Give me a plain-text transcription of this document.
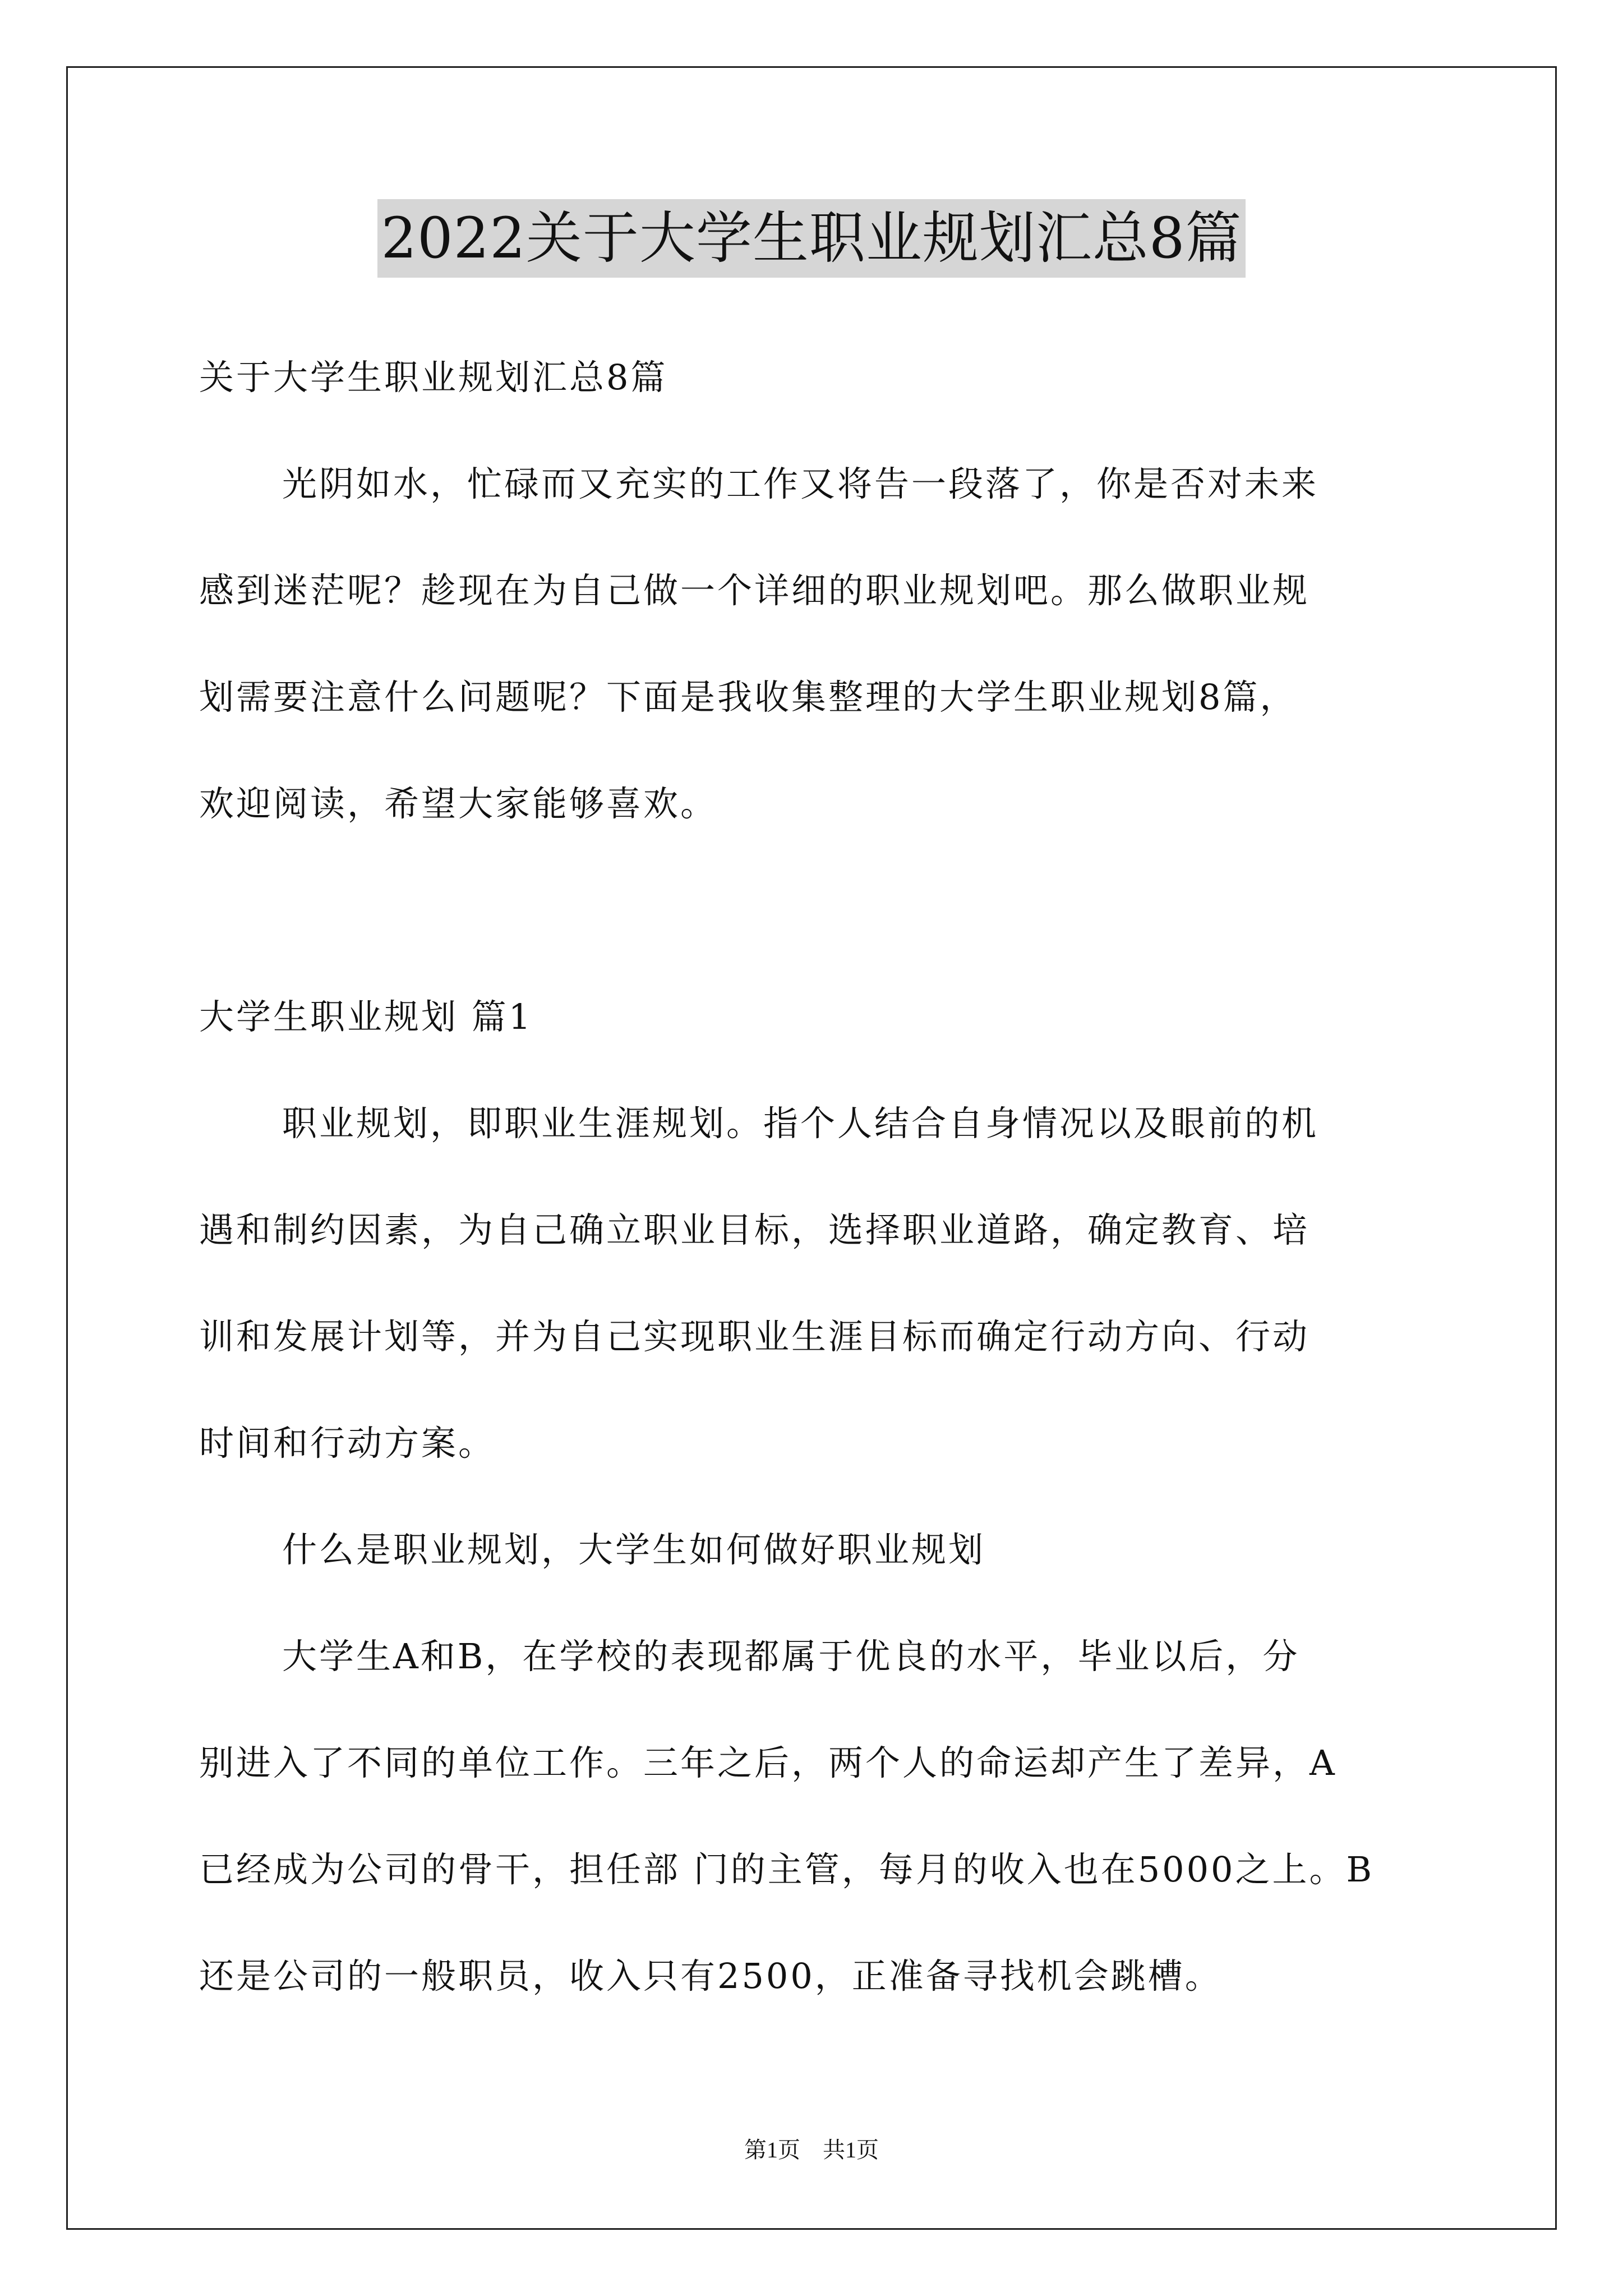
2022关于大学生职业规划汇总8篇
关于大学生职业规划汇总8篇
光阴如水，忙碌而又充实的工作又将告一段落了，你是否对未来
感到迷茫呢？趁现在为自己做一个详细的职业规划吧。那么做职业规
划需要注意什么问题呢？下面是我收集整理的大学生职业规划8篇，
欢迎阅读，希望大家能够喜欢。
大学生职业规划 篇1
职业规划，即职业生涯规划。指个人结合自身情况以及眼前的机
遇和制约因素，为自己确立职业目标，选择职业道路，确定教育、培
训和发展计划等，并为自己实现职业生涯目标而确定行动方向、行动
时间和行动方案。
什么是职业规划，大学生如何做好职业规划
大学生A和B，在学校的表现都属于优良的水平，毕业以后，分
别进入了不同的单位工作。三年之后，两个人的命运却产生了差异，A
已经成为公司的骨干，担任部 门的主管，每月的收入也在5000之上。B
还是公司的一般职员，收入只有2500，正准备寻找机会跳槽。
第1页　共1页
